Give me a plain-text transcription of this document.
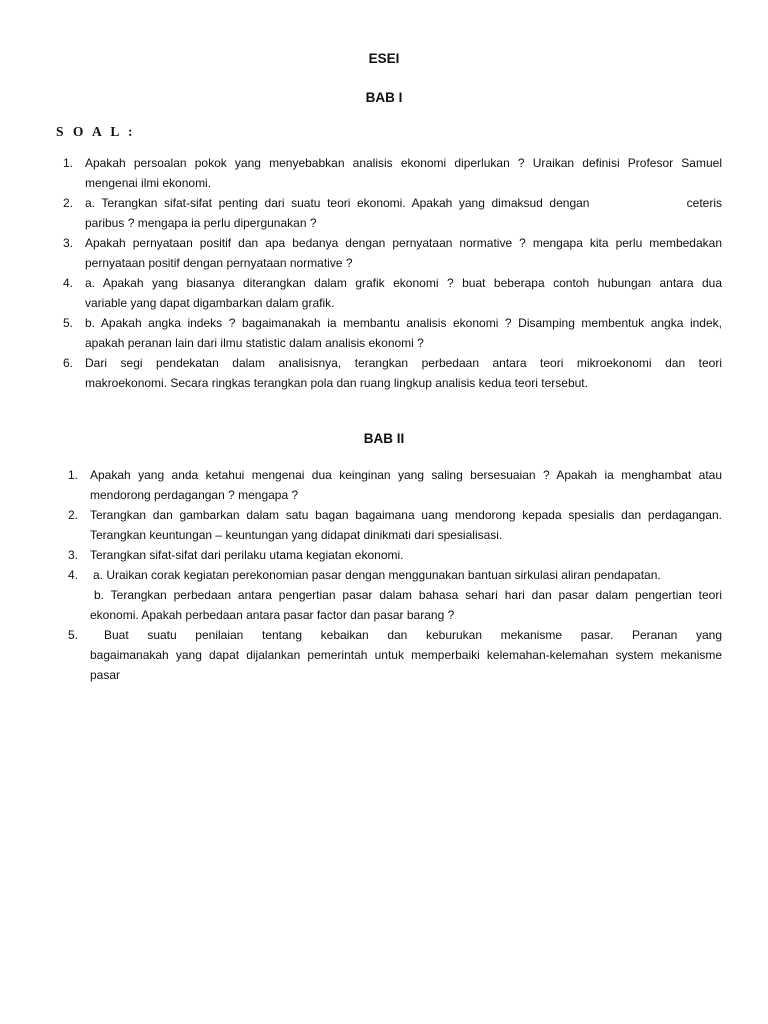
ESEI
BAB I
S O A L :
1. Apakah persoalan pokok yang menyebabkan analisis ekonomi diperlukan ? Uraikan definisi Profesor Samuel
mengenai ilmi ekonomi.
2. a. Terangkan sifat-sifat penting dari suatu teori ekonomi. Apakah yang dimaksud dengan	ceteris
paribus ? mengapa ia perlu dipergunakan ?
3. Apakah pernyataan positif dan apa bedanya dengan pernyataan normative ? mengapa kita perlu membedakan
pernyataan positif dengan pernyataan normative ?
4. a. Apakah yang biasanya diterangkan dalam grafik ekonomi ? buat beberapa contoh hubungan antara dua
variable yang dapat digambarkan dalam grafik.
5. b. Apakah angka indeks ? bagaimanakah ia membantu analisis ekonomi ? Disamping membentuk angka indek,
apakah peranan lain dari ilmu statistic dalam analisis ekonomi ?
6. Dari segi pendekatan dalam analisisnya, terangkan perbedaan antara teori mikroekonomi dan teori
makroekonomi. Secara ringkas terangkan pola dan ruang lingkup analisis kedua teori tersebut.
BAB II
1. Apakah yang anda ketahui mengenai dua keinginan yang saling bersesuaian ? Apakah ia menghambat atau
mendorong perdagangan ? mengapa ?
2. Terangkan dan gambarkan dalam satu bagan bagaimana uang mendorong kepada spesialis dan perdagangan.
Terangkan keuntungan – keuntungan yang didapat dinikmati dari spesialisasi.
3. Terangkan sifat-sifat dari perilaku utama kegiatan ekonomi.
4. a. Uraikan corak kegiatan perekonomian pasar dengan menggunakan bantuan sirkulasi aliran pendapatan.
b. Terangkan perbedaan antara pengertian pasar dalam bahasa sehari hari dan pasar dalam pengertian teori
ekonomi. Apakah perbedaan antara pasar factor dan pasar barang ?
5.	Buat suatu penilaian tentang kebaikan dan keburukan mekanisme pasar. Peranan yang
bagaimanakah yang dapat dijalankan pemerintah untuk memperbaiki kelemahan-kelemahan system mekanisme
pasar
